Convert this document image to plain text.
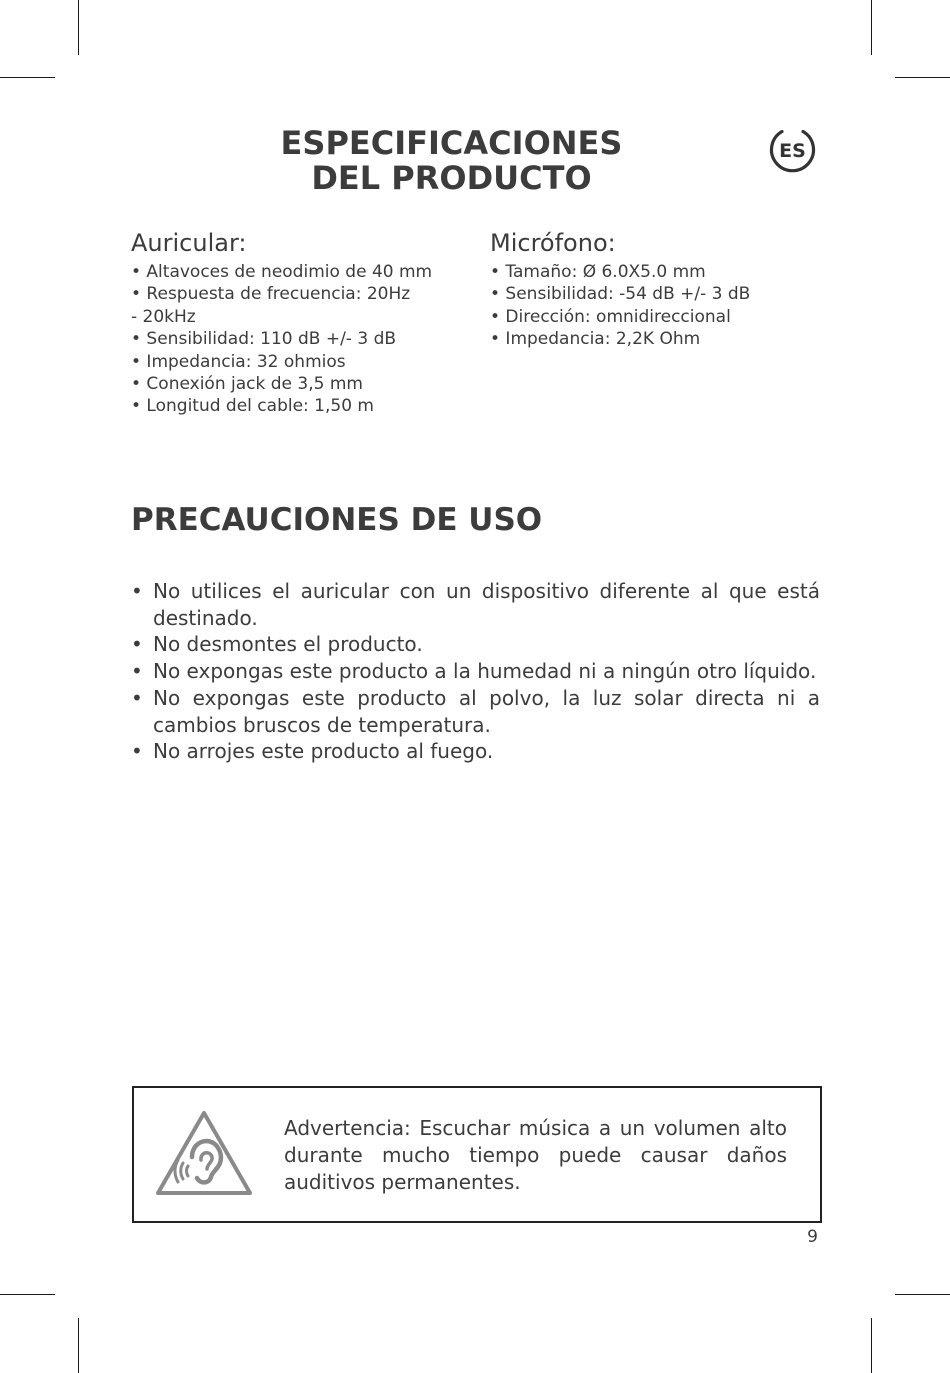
ESPECIFICACIONES
DEL PRODUCTO
ES
Auricular:
• Altavoces de neodimio de 40 mm
• Respuesta de frecuencia: 20Hz
- 20kHz
• Sensibilidad: 110 dB +/- 3 dB
• Impedancia: 32 ohmios
• Conexión jack de 3,5 mm
• Longitud del cable: 1,50 m
Micrófono:
• Tamaño: Ø 6.0X5.0 mm
• Sensibilidad: -54 dB +/- 3 dB
• Dirección: omnidireccional
• Impedancia: 2,2K Ohm
PRECAUCIONES DE USO
• No utilices el auricular con un dispositivo diferente al que está destinado.
• No desmontes el producto.
• No expongas este producto a la humedad ni a ningún otro líquido.
• No expongas este producto al polvo, la luz solar directa ni a cambios bruscos de temperatura.
• No arrojes este producto al fuego.

Advertencia: Escuchar música a un volumen alto durante mucho tiempo puede causar daños auditivos permanentes.

9
